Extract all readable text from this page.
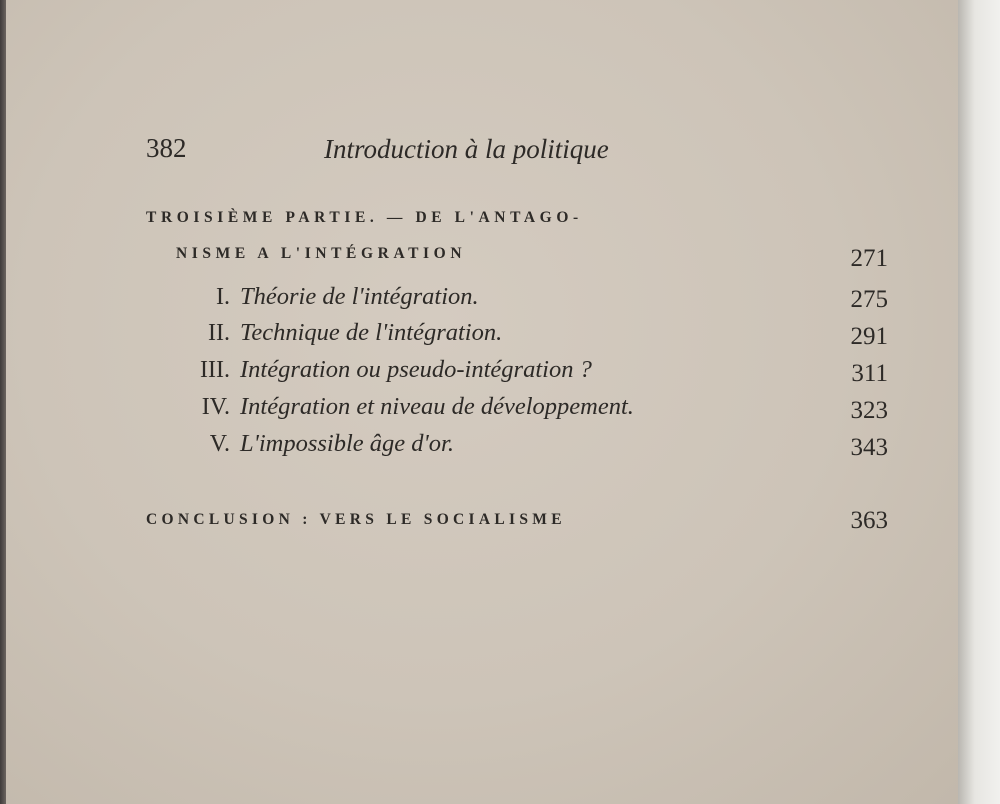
382	Introduction à la politique
TROISIÈME PARTIE. — DE L'ANTAGO-
NISME A L'INTÉGRATION	271
I. Théorie de l'intégration.	275
II. Technique de l'intégration.	291
III. Intégration ou pseudo-intégration ?	311
IV. Intégration et niveau de développement.	323
V. L'impossible âge d'or.	343
CONCLUSION : VERS LE SOCIALISME	363
